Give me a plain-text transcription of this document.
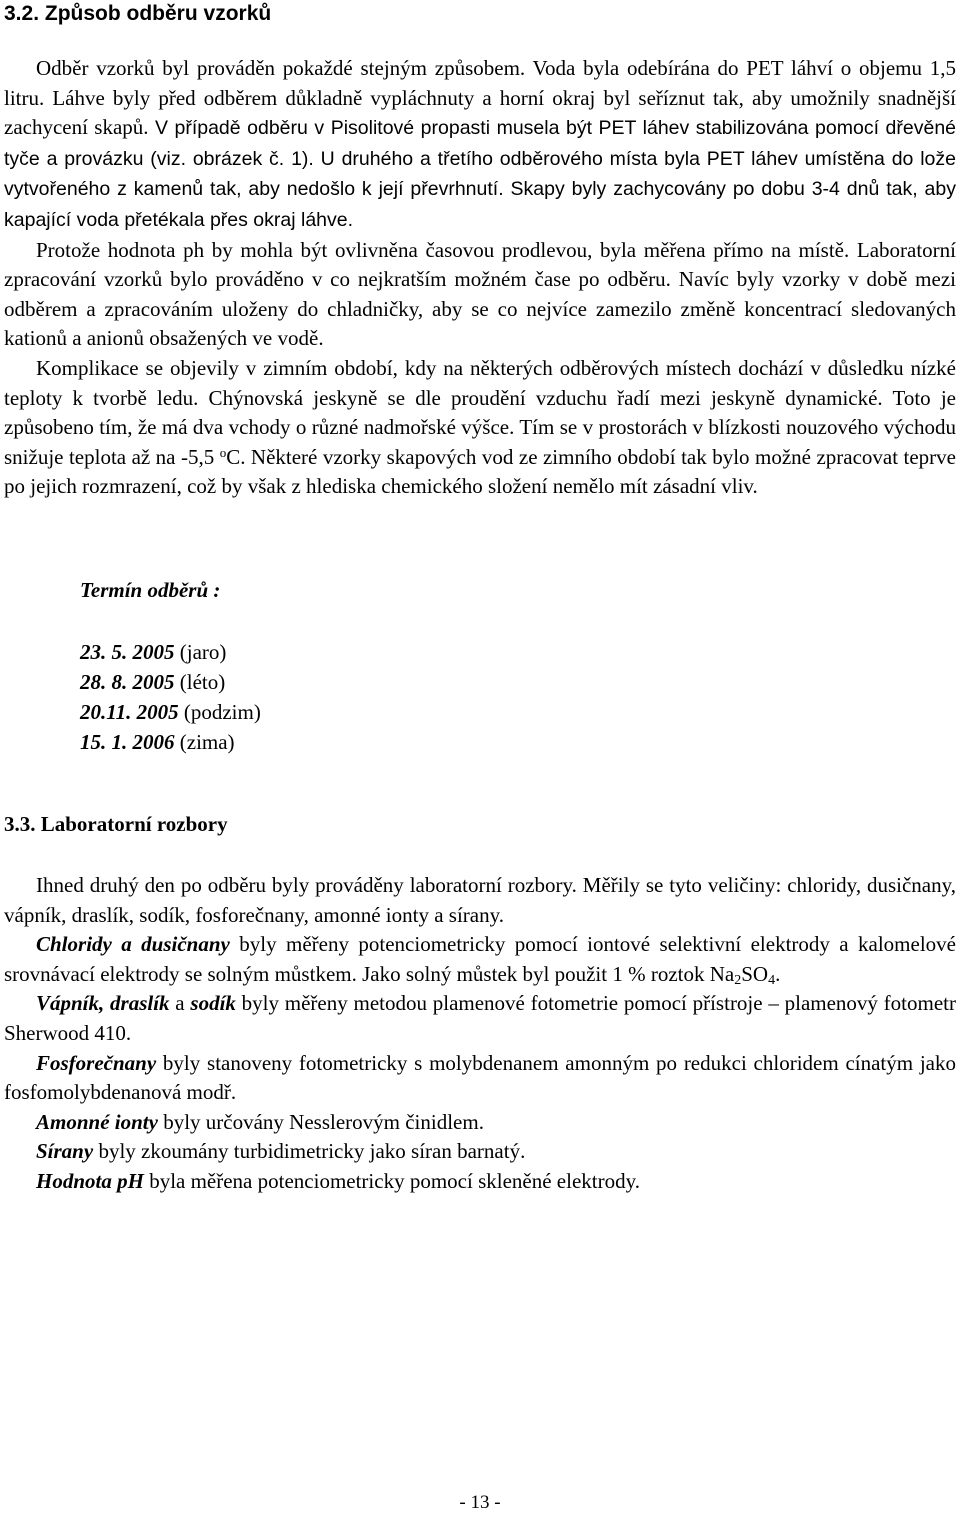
3.2. Způsob odběru vzorků

Odběr vzorků byl prováděn pokaždé stejným způsobem. Voda byla odebírána do PET láhví o objemu 1,5 litru. Láhve byly před odběrem důkladně vypláchnuty a horní okraj byl seříznut tak, aby umožnily snadnější zachycení skapů. V případě odběru v Pisolitové propasti musela být PET láhev stabilizována pomocí dřevěné tyče a provázku (viz. obrázek č. 1). U druhého a třetího odběrového místa byla PET láhev umístěna do lože vytvořeného z kamenů tak, aby nedošlo k její převrhnutí. Skapy byly zachycovány po dobu 3-4 dnů tak, aby kapající voda přetékala přes okraj láhve.

Protože hodnota ph by mohla být ovlivněna časovou prodlevou, byla měřena přímo na místě. Laboratorní zpracování vzorků bylo prováděno v co nejkratším možném čase po odběru. Navíc byly vzorky v době mezi odběrem a zpracováním uloženy do chladničky, aby se co nejvíce zamezilo změně koncentrací sledovaných kationů a anionů obsažených ve vodě.

Komplikace se objevily v zimním období, kdy na některých odběrových místech dochází v důsledku nízké teploty k tvorbě ledu. Chýnovská jeskyně se dle proudění vzduchu řadí mezi jeskyně dynamické. Toto je způsobeno tím, že má dva vchody o různé nadmořské výšce. Tím se v prostorách v blízkosti nouzového východu snižuje teplota až na -5,5 $^o$C. Některé vzorky skapových vod ze zimního období tak bylo možné zpracovat teprve po jejich rozmrazení, což by však z hlediska chemického složení nemělo mít zásadní vliv.

Termín odběrů :
23. 5. 2005 (jaro)
28. 8. 2005 (léto)
20.11. 2005 (podzim)
15. 1. 2006 (zima)
3.3. Laboratorní rozbory

Ihned druhý den po odběru byly prováděny laboratorní rozbory. Měřily se tyto veličiny: chloridy, dusičnany, vápník, draslík, sodík, fosforečnany, amonné ionty a sírany.

Chloridy a dusičnany byly měřeny potenciometricky pomocí iontové selektivní elektrody a kalomelové srovnávací elektrody se solným můstkem. Jako solný můstek byl použit 1 % roztok $Na_2SO_4$.

Vápník, draslík a sodík byly měřeny metodou plamenové fotometrie pomocí přístroje – plamenový fotometr Sherwood 410.

Fosforečnany byly stanoveny fotometricky s molybdenanem amonným po redukci chloridem cínatým jako fosfomolybdenanová modř.

Amonné ionty byly určovány Nesslerovým činidlem.

Sírany byly zkoumány turbidimetricky jako síran barnatý.

Hodnota pH byla měřena potenciometricky pomocí skleněné elektrody.

- 13 -
